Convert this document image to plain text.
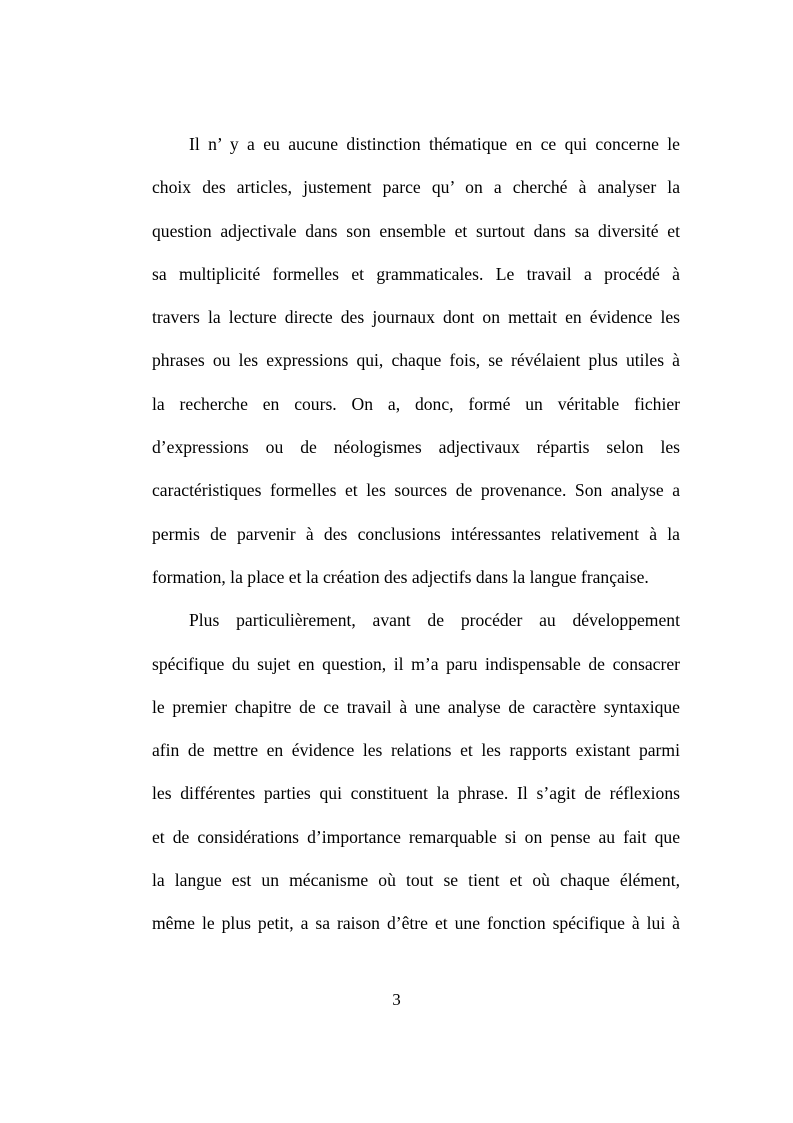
Il n’ y a eu aucune distinction thématique en ce qui concerne le
choix des articles, justement parce qu’ on a cherché à analyser la
question adjectivale dans son ensemble et surtout dans sa diversité et
sa multiplicité formelles et grammaticales. Le travail a procédé à
travers la lecture directe des journaux dont on mettait en évidence les
phrases ou les expressions qui, chaque fois, se révélaient plus utiles à
la recherche en cours. On a, donc, formé un véritable fichier
d’expressions ou de néologismes adjectivaux répartis selon les
caractéristiques formelles et les sources de provenance. Son analyse a
permis de parvenir à des conclusions intéressantes relativement à la
formation, la place et la création des adjectifs dans la langue française.
Plus particulièrement, avant de procéder au développement
spécifique du sujet en question, il m’a paru indispensable de consacrer
le premier chapitre de ce travail à une analyse de caractère syntaxique
afin de mettre en évidence les relations et les rapports existant parmi
les différentes parties qui constituent la phrase. Il s’agit de réflexions
et de considérations d’importance remarquable si on pense au fait que
la langue est un mécanisme où tout se tient et où chaque élément,
même le plus petit, a sa raison d’être et une fonction spécifique à lui à
3
